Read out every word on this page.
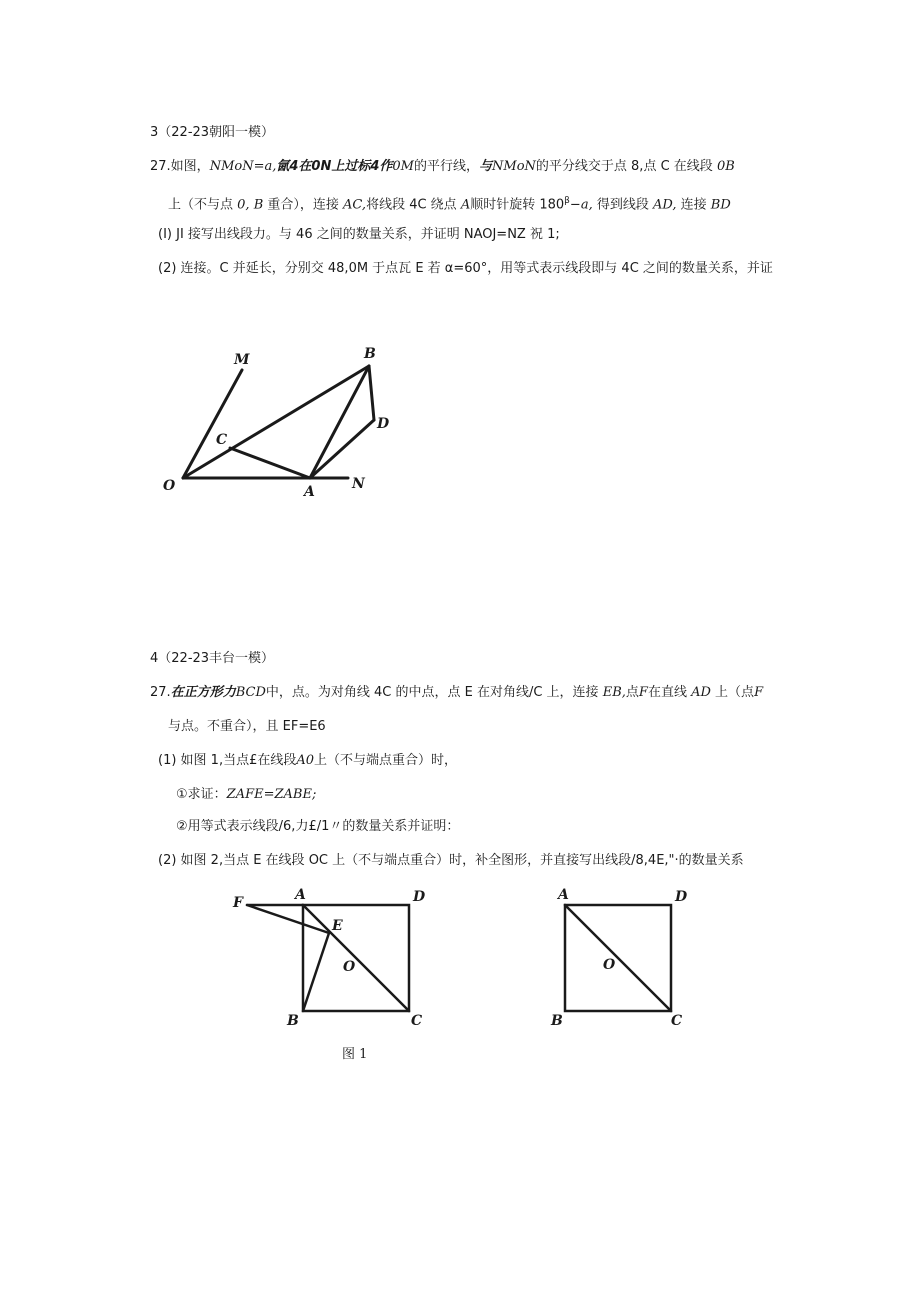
3（22-23朝阳一模）
27.如图，NMoN=a,氤4在0N上过标4作0M的平行线，与NMoN的平分线交于点 8,点 C 在线段 0B
上（不与点 0, B 重合），连接 AC,将线段 4C 绕点 A顺时针旋转 $180^\beta-a$, 得到线段 AD, 连接 BD
(I) JI 接写出线段力。与 46 之间的数量关系，并证明 NAOJ=NZ 祝 1;
(2) 连接。C 并延长，分别交 48,0M 于点瓦 E 若 α=60°，用等式表示线段即与 4C 之间的数量关系，并证
M	B
D
C
O	A	N
4（22-23丰台一模）
27.在正方形力BCD中，点。为对角线 4C 的中点，点 E 在对角线/C 上，连接 EB,点F在直线 AD 上（点F
与点。不重合），且 EF=E6
(1) 如图 1,当点£在线段A0上（不与端点重合）时，
①求证：ZAFE=ZABE;
②用等式表示线段/6,力£/1〃的数量关系并证明：
(2) 如图 2,当点 E 在线段 OC 上（不与端点重合）时，补全图形，并直接写出线段/8,4E,"·的数量关系
F	A	D
E
O
B	C
图 1
A	D
O
B	C
